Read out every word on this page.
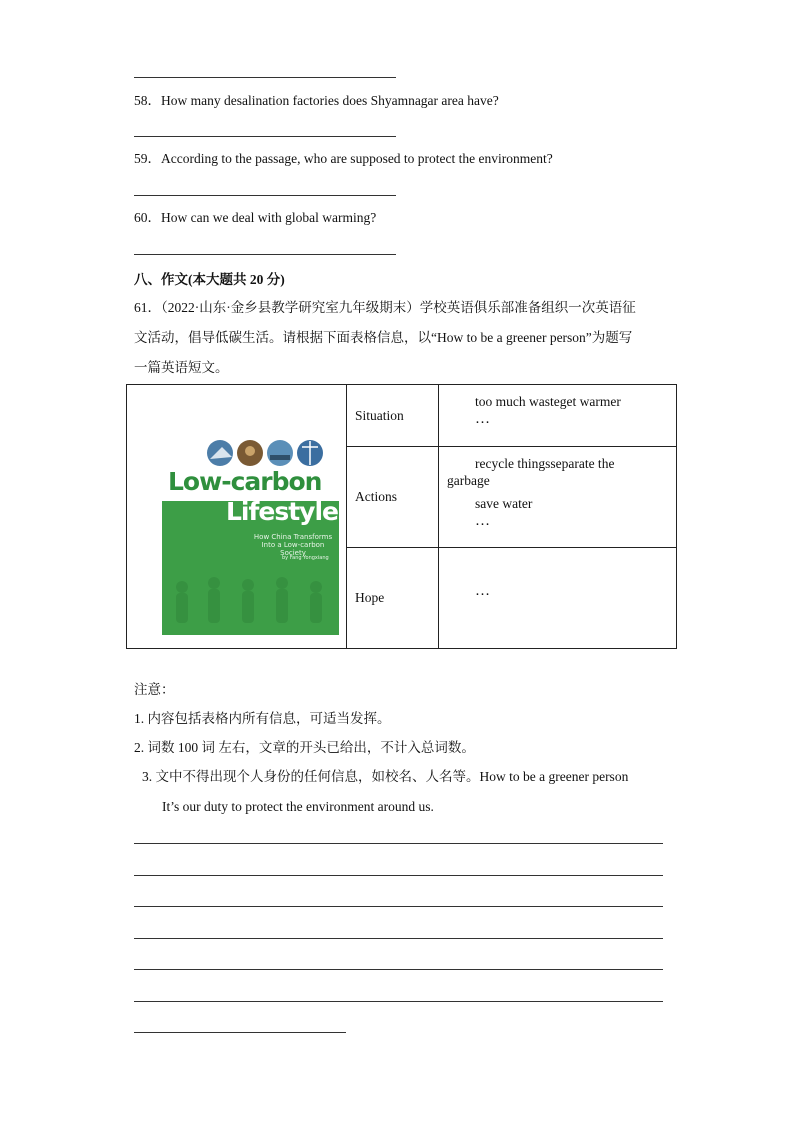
58．How many desalination factories does Shyamnagar area have?
59．According to the passage, who are supposed to protect the environment?
60．How can we deal with global warming?
八、作文(本大题共 20 分)
61．（2022·山东·金乡县教学研究室九年级期末）学校英语俱乐部准备组织一次英语征
文活动，倡导低碳生活。请根据下面表格信息，以“How to be a greener person”为题写
一篇英语短文。
	Situation	too much wasteget warmer
…

	Actions	recycle thingsseparate the
garbage
save water
…

	Hope	…
Low-carbon
Lifestyle
How China Transforms Into a Low-carbon Society
by Fang Yongxiang
注意：
1. 内容包括表格内所有信息，可适当发挥。
2. 词数 100 词 左右，文章的开头已给出，不计入总词数。
3. 文中不得出现个人身份的任何信息，如校名、人名等。How to be a greener person
It’s our duty to protect the environment around us.
